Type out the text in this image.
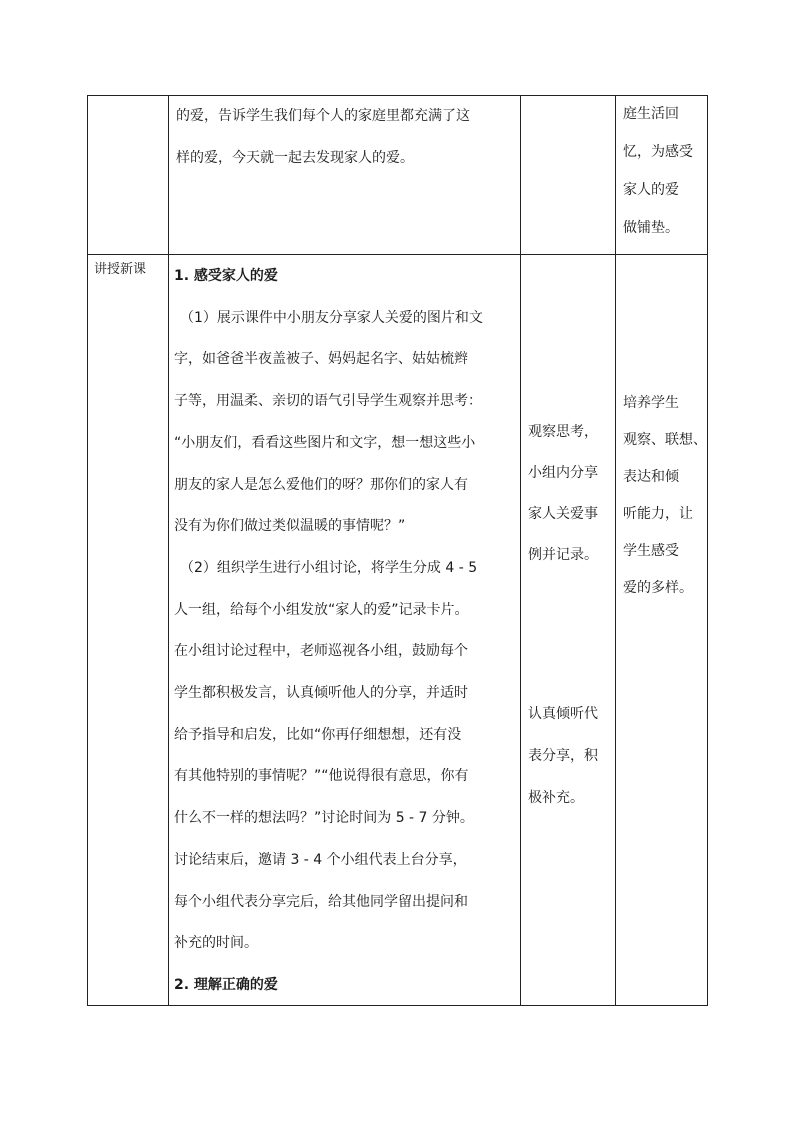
的爱，告诉学生我们每个人的家庭里都充满了这

样的爱，今天就一起去发现家人的爱。

庭生活回

忆，为感受

家人的爱

做铺垫。

讲授新课 1. 感受家人的爱

（1）展示课件中小朋友分享家人关爱的图片和文

字，如爸爸半夜盖被子、妈妈起名字、姑姑梳辫

子等，用温柔、亲切的语气引导学生观察并思考：

“小朋友们，看看这些图片和文字，想一想这些小

朋友的家人是怎么爱他们的呀？那你们的家人有

没有为你们做过类似温暖的事情呢？”

（2）组织学生进行小组讨论，将学生分成 4 - 5

人一组，给每个小组发放“家人的爱”记录卡片。

在小组讨论过程中，老师巡视各小组，鼓励每个

学生都积极发言，认真倾听他人的分享，并适时

给予指导和启发，比如“你再仔细想想，还有没

有其他特别的事情呢？”“他说得很有意思，你有

什么不一样的想法吗？”讨论时间为 5 - 7 分钟。

讨论结束后，邀请 3 - 4 个小组代表上台分享，

每个小组代表分享完后，给其他同学留出提问和

补充的时间。

2. 理解正确的爱

观察思考，

小组内分享

家人关爱事

例并记录。

认真倾听代

表分享，积

极补充。

培养学生

观察、联想、

表达和倾

听能力，让

学生感受

爱的多样。
